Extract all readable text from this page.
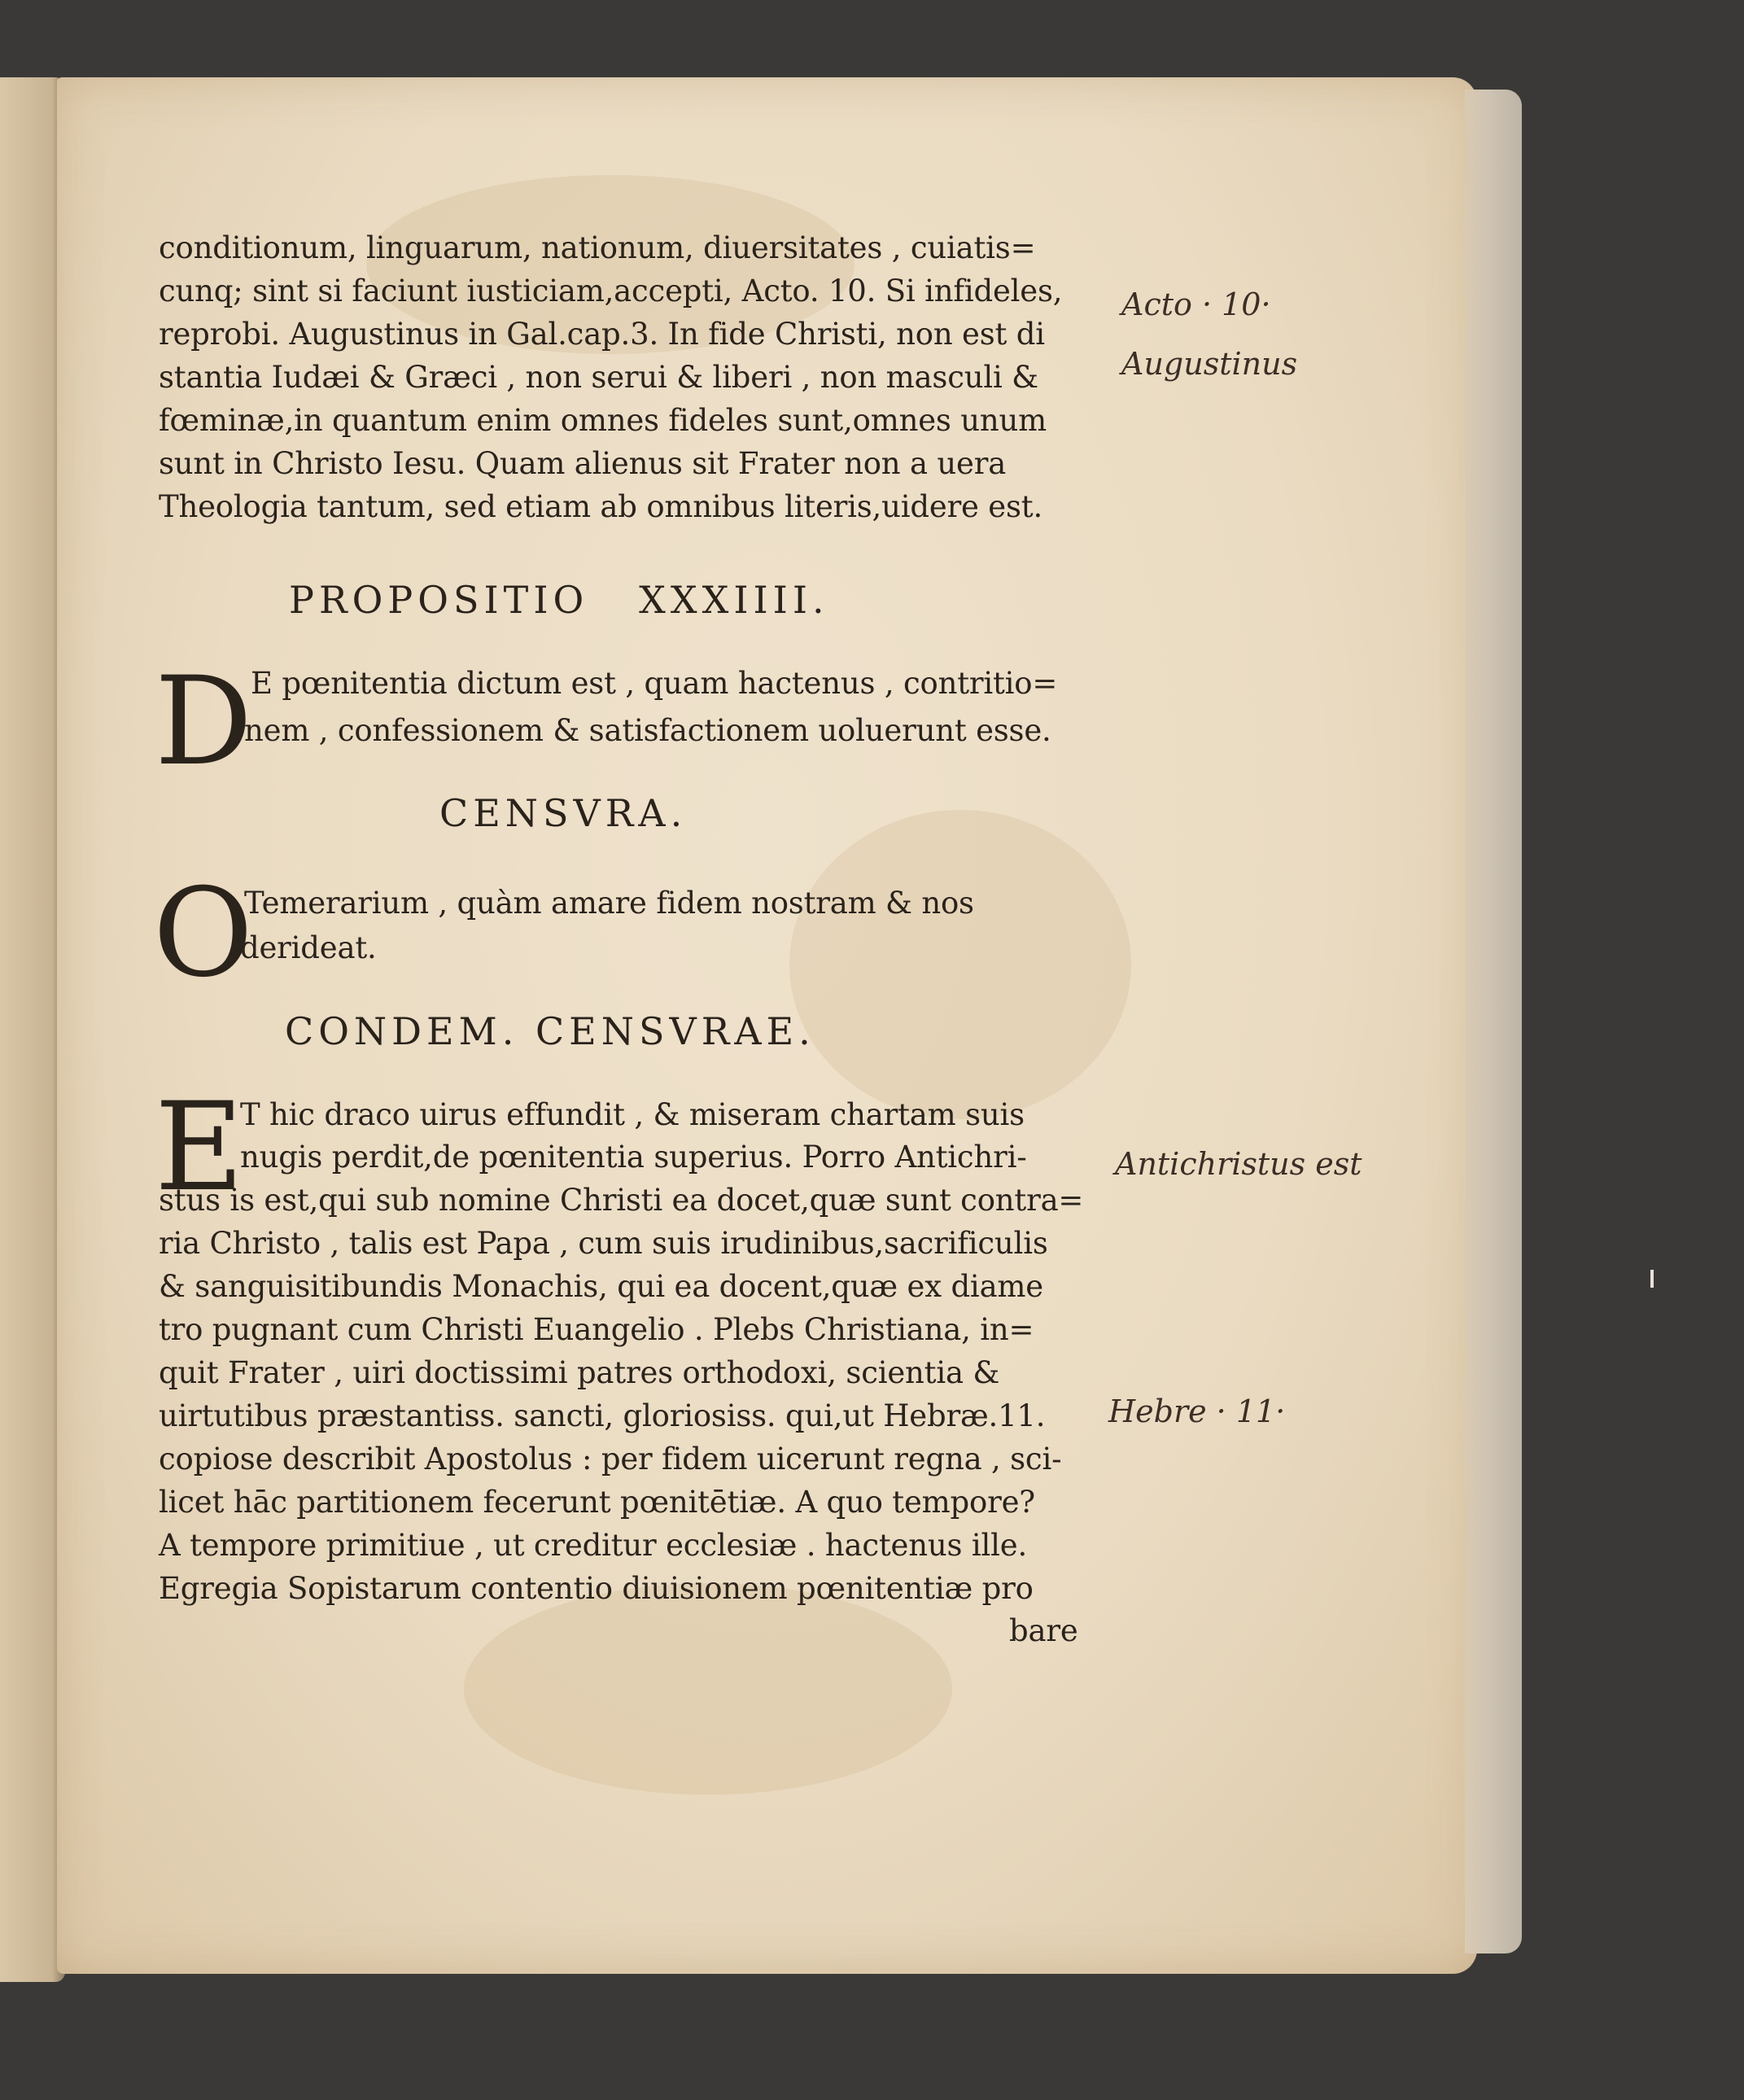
conditionum, linguarum, nationum, diuersitates , cuiatis=
cunq; sint si faciunt iusticiam,accepti, Acto. 10. Si infideles,
reprobi. Augustinus in Gal.cap.3. In fide Christi, non est di
stantia Iudæi & Græci , non serui & liberi , non masculi &
fœminæ,in quantum enim omnes fideles sunt,omnes unum
sunt in Christo Iesu. Quam alienus sit Frater non a uera
Theologia tantum, sed etiam ab omnibus literis,uidere est.
PROPOSITIO   XXXIIII.
D
E pœnitentia dictum est , quam hactenus , contritio=
nem , confessionem & satisfactionem uoluerunt esse.
CENSVRA.
O
Temerarium , quàm amare fidem nostram & nos
derideat.
CONDEM. CENSVRAE.
E
T hic draco uirus effundit , & miseram chartam suis
nugis perdit,de pœnitentia superius. Porro Antichri-
stus is est,qui sub nomine Christi ea docet,quæ sunt contra=
ria Christo , talis est Papa , cum suis irudinibus,sacrificulis
& sanguisitibundis Monachis, qui ea docent,quæ ex diame
tro pugnant cum Christi Euangelio . Plebs Christiana, in=
quit Frater , uiri doctissimi patres orthodoxi, scientia &
uirtutibus præstantiss. sancti, gloriosiss. qui,ut Hebræ.11.
copiose describit Apostolus : per fidem uicerunt regna , sci-
licet hāc partitionem fecerunt pœnitētiæ. A quo tempore?
A tempore primitiue , ut creditur ecclesiæ . hactenus ille.
Egregia Sopistarum contentio diuisionem pœnitentiæ pro
bare
Acto · 10·
Augustinus
Antichristus est
Hebre · 11·
